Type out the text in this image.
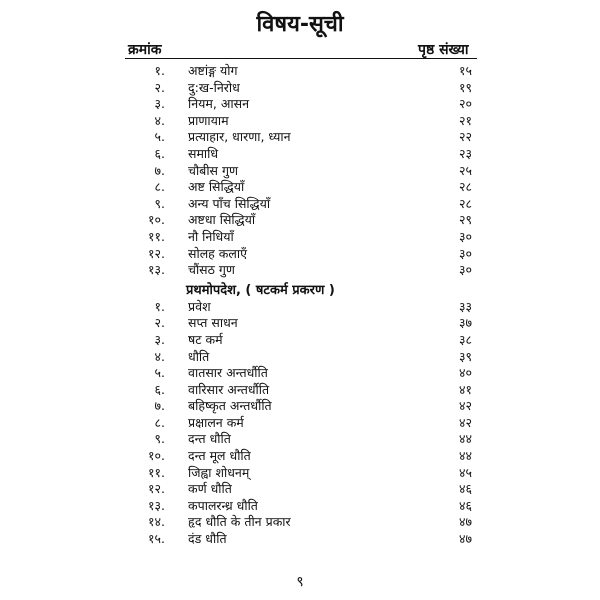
विषय-सूची
क्रमांक	पृष्ठ संख्या
१. अष्टांङ्ग योग	१५
२. दु:ख-निरोध	१९
३. नियम, आसन	२०
४. प्राणायाम	२१
५. प्रत्याहार, धारणा, ध्यान	२२
६. समाधि	२३
७. चौबीस गुण	२५
८. अष्ट सिद्धियाँ	२८
९. अन्य पाँच सिद्धियाँ	२८
१०. अष्टधा सिद्धियाँ	२९
११. नौ निधियाँ	३०
१२. सोलह कलाएँ	३०
१३. चौंसठ गुण	३०
प्रथमोपदेश, ( षटकर्म प्रकरण )
१. प्रवेश	३३
२. सप्त साधन	३७
३. षट कर्म	३८
४. धौति	३९
५. वातसार अन्तर्धौति	४०
६. वारिसार अन्तर्धौति	४१
७. बहिष्कृत अन्तर्धौति	४२
८. प्रक्षालन कर्म	४२
९. दन्त धौति	४४
१०. दन्त मूल धौति	४४
११. जिह्वा शोधनम्	४५
१२. कर्ण धौति	४६
१३. कपालरन्ध्र धौति	४६
१४. हृद धौति के तीन प्रकार	४७
१५. दंड धौति	४७
९
